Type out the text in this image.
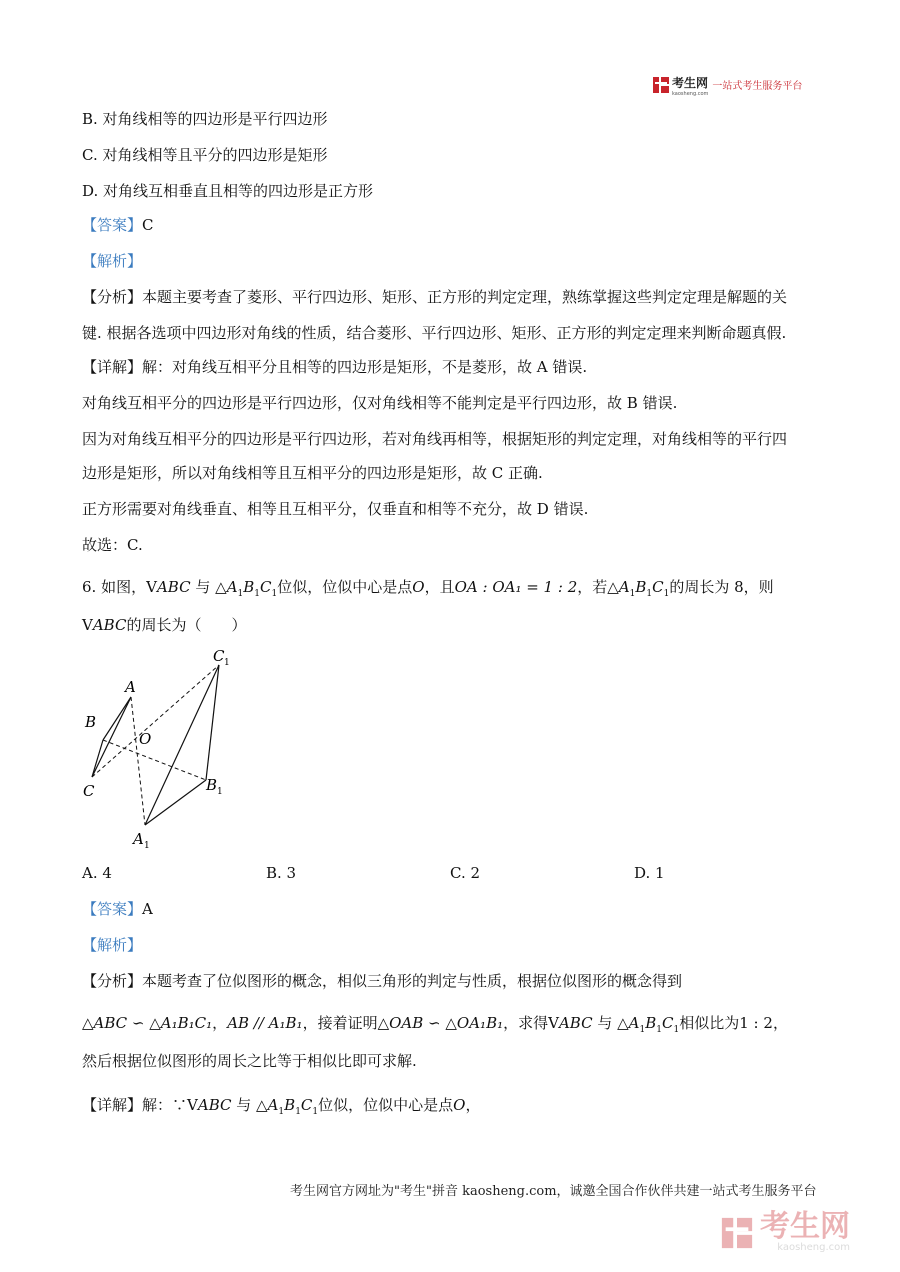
考生网
kaosheng.com
一站式考生服务平台
B. 对角线相等的四边形是平行四边形
C. 对角线相等且平分的四边形是矩形
D. 对角线互相垂直且相等的四边形是正方形
【答案】C
【解析】
【分析】本题主要考查了菱形、平行四边形、矩形、正方形的判定定理，熟练掌握这些判定定理是解题的关
键. 根据各选项中四边形对角线的性质，结合菱形、平行四边形、矩形、正方形的判定定理来判断命题真假.
【详解】解：对角线互相平分且相等的四边形是矩形，不是菱形，故 A 错误.
对角线互相平分的四边形是平行四边形，仅对角线相等不能判定是平行四边形，故 B 错误.
因为对角线互相平分的四边形是平行四边形，若对角线再相等，根据矩形的判定定理，对角线相等的平行四
边形是矩形，所以对角线相等且互相平分的四边形是矩形，故 C 正确.
正方形需要对角线垂直、相等且互相平分，仅垂直和相等不充分，故 D 错误.
故选：C.
6. 如图，VABC 与 $\triangle A_1B_1C_1$位似，位似中心是点O，且OA : OA₁ = 1 : 2，若$\triangle A_1B_1C_1$的周长为 8，则
VABC的周长为（　　）
A
B
C
O
A 1
B 1
C 1
A. 4	B. 3	C. 2	D. 1
【答案】A
【解析】
【分析】本题考查了位似图形的概念，相似三角形的判定与性质，根据位似图形的概念得到
△ABC ∽ △A₁B₁C₁，AB // A₁B₁，接着证明△OAB ∽ △OA₁B₁，求得VABC 与 $\triangle A_1B_1C_1$相似比为1 : 2，
然后根据位似图形的周长之比等于相似比即可求解.
【详解】解：∵VABC 与 $\triangle A_1B_1C_1$位似，位似中心是点O，
考生网官方网址为"考生"拼音 kaosheng.com，诚邀全国合作伙伴共建一站式考生服务平台
考生网
kaosheng.com
